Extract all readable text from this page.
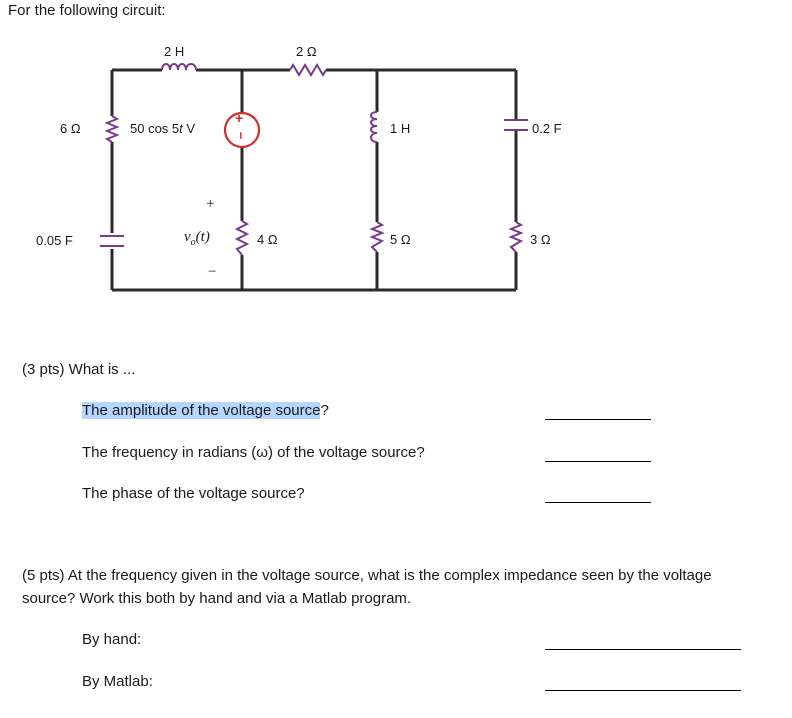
For the following circuit:
+
−
2 H	2 Ω
6 Ω	50 cos 5t V	1 H	0.2 F
0.05 F
+
$v_o(t)$
−
4 Ω	5 Ω	3 Ω
(3 pts) What is ...
The amplitude of the voltage source?
The frequency in radians (ω) of the voltage source?
The phase of the voltage source?
(5 pts) At the frequency given in the voltage source, what is the complex impedance seen by the voltage
source? Work this both by hand and via a Matlab program.
By hand:
By Matlab:
